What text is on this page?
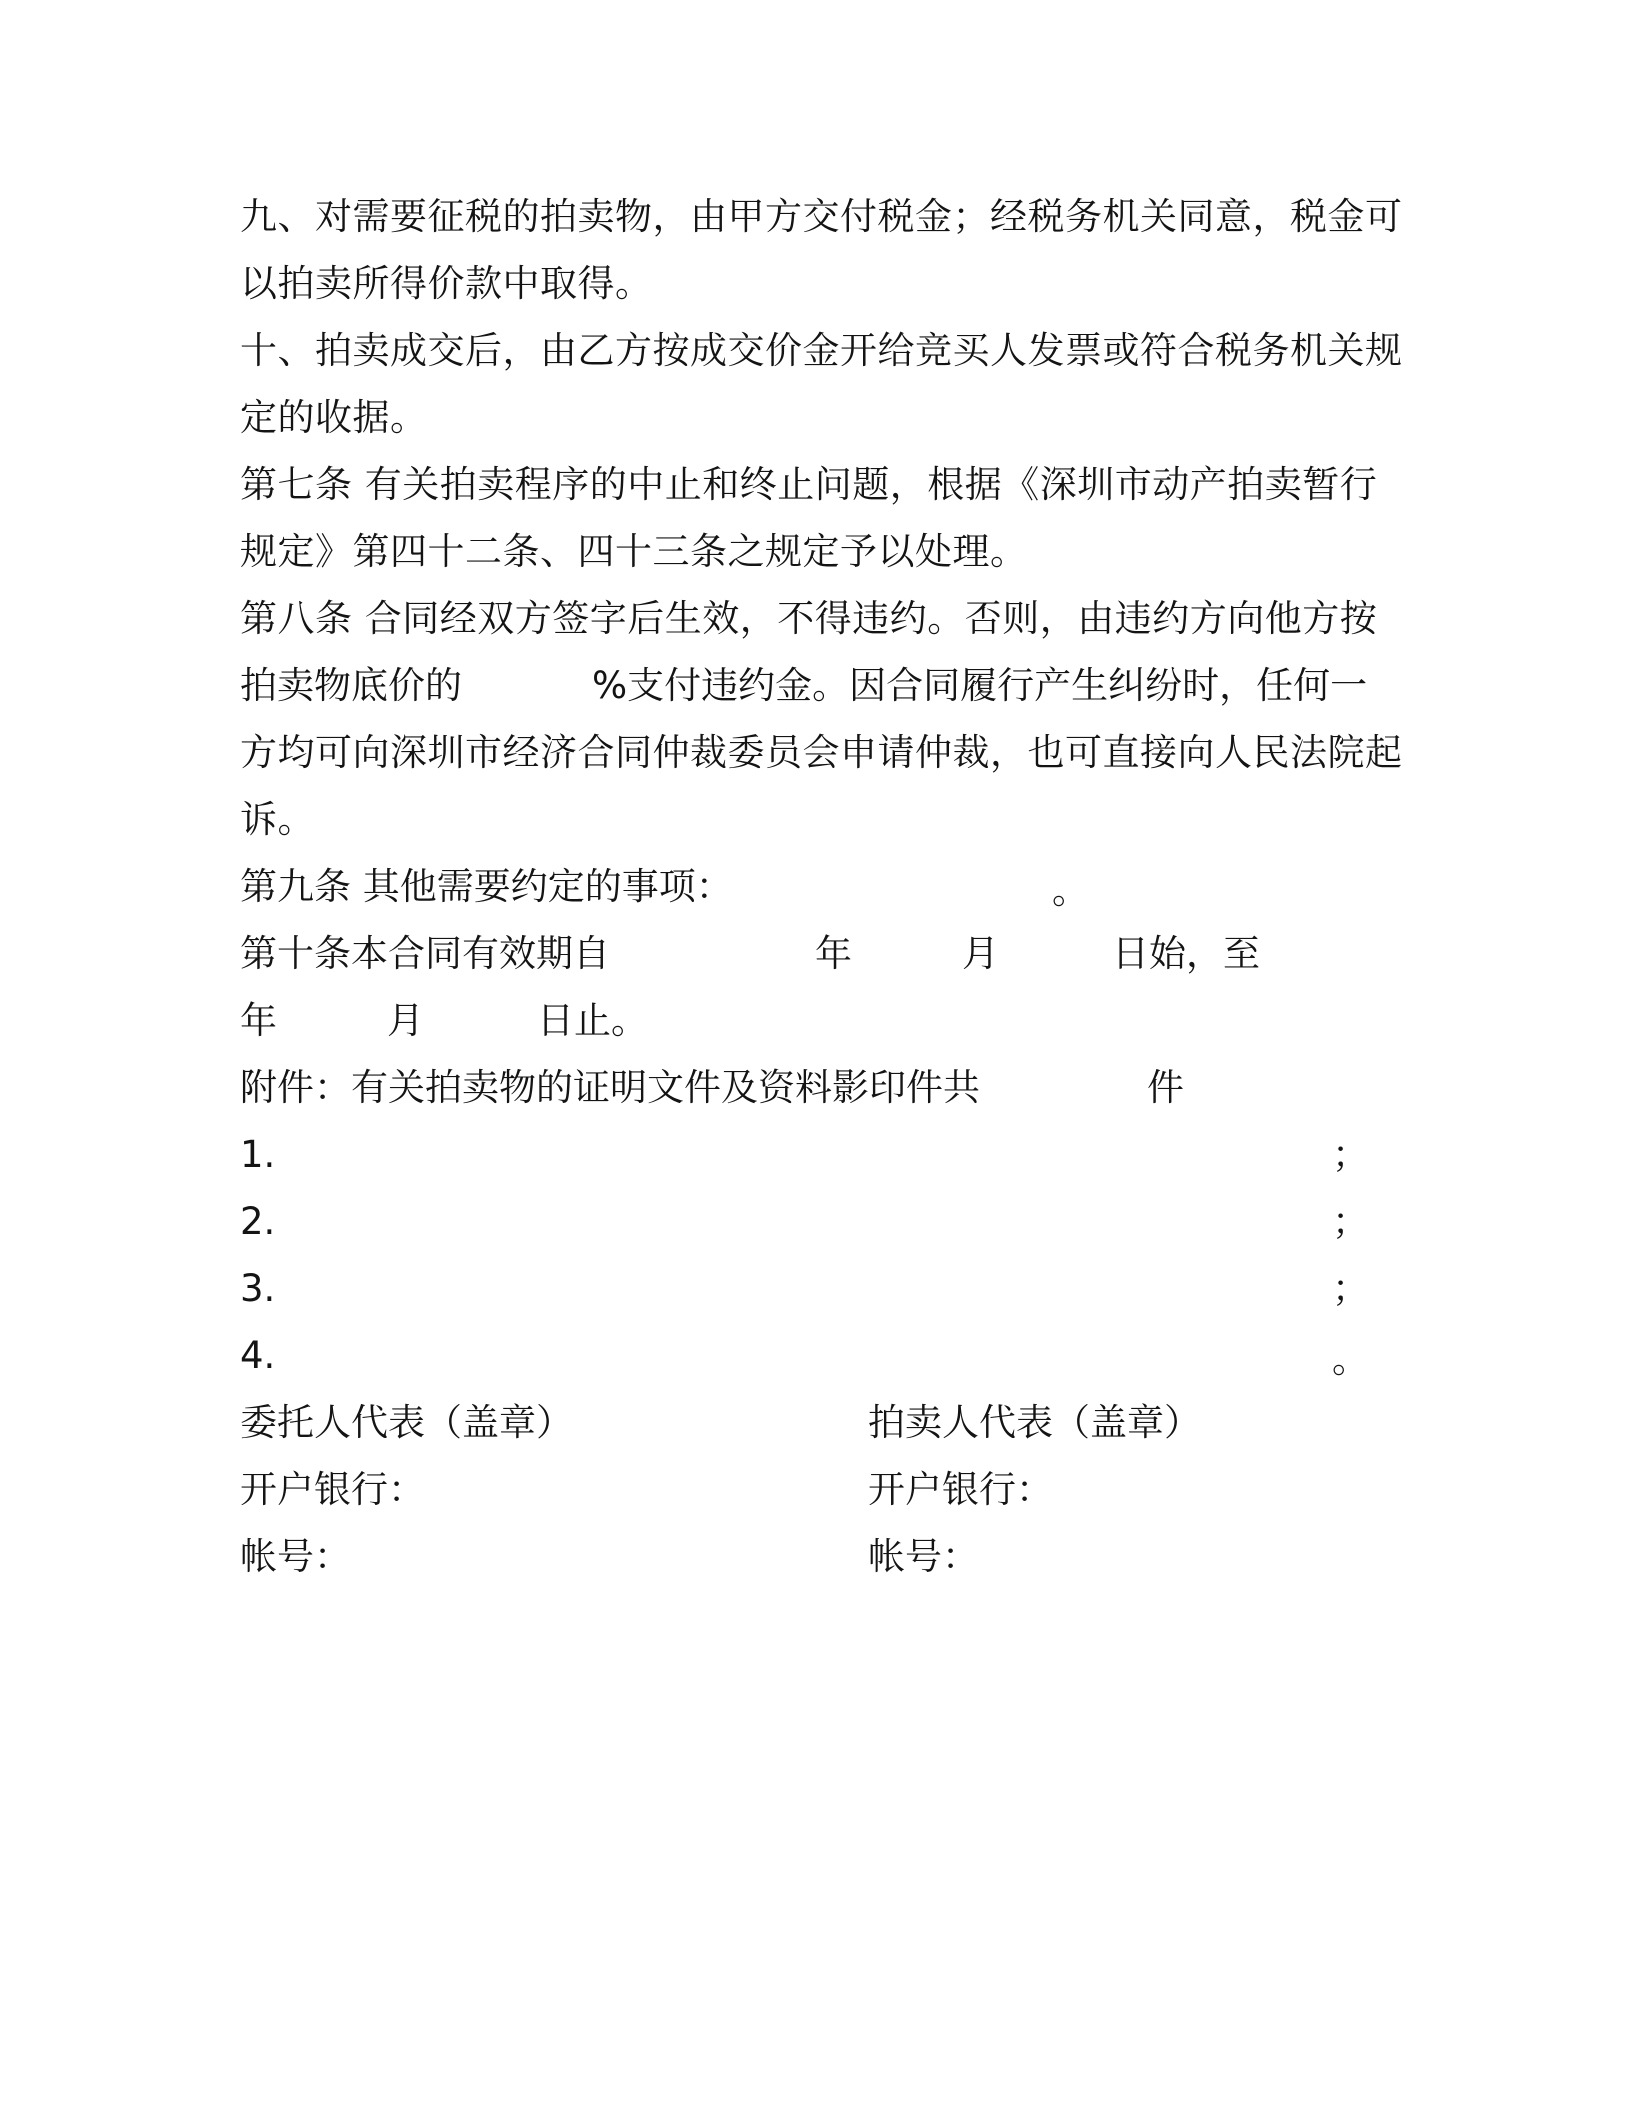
九、对需要征税的拍卖物，由甲方交付税金；经税务机关同意，税金可
以拍卖所得价款中取得。
十、拍卖成交后，由乙方按成交价金开给竞买人发票或符合税务机关规
定的收据。
第七条 有关拍卖程序的中止和终止问题，根据《深圳市动产拍卖暂行
规定》第四十二条、四十三条之规定予以处理。
第八条 合同经双方签字后生效，不得违约。否则，由违约方向他方按
拍卖物底价的	%支付违约金。因合同履行产生纠纷时，任何一
方均可向深圳市经济合同仲裁委员会申请仲裁，也可直接向人民法院起
诉。
第九条 其他需要约定的事项：	。
第十条本合同有效期自	年	月	日始，至
年	月	日止。
附件：有关拍卖物的证明文件及资料影印件共	件
1.	；
2.	；
3.	；
4.	。
委托人代表（盖章）	拍卖人代表（盖章）
开户银行：	开户银行：
帐号：	帐号：
